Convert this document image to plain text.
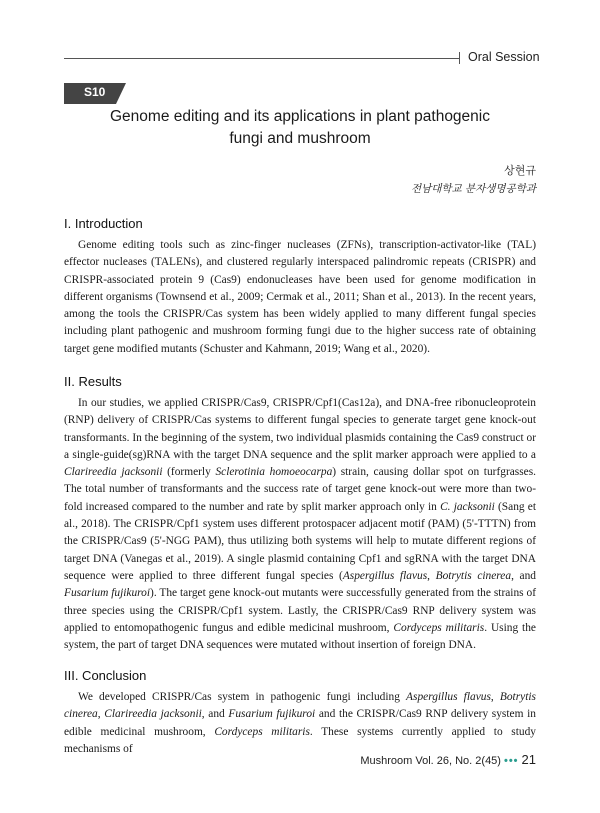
Oral Session
S10
Genome editing and its applications in plant pathogenic
fungi and mushroom
상현규
전남대학교 분자생명공학과
I. Introduction

Genome editing tools such as zinc-finger nucleases (ZFNs), transcription-activator-like (TAL) effector nucleases (TALENs), and clustered regularly interspaced palindromic repeats (CRISPR) and CRISPR-associated protein 9 (Cas9) endonucleases have been used for genome modification in different organisms (Townsend et al., 2009; Cermak et al., 2011; Shan et al., 2013). In the recent years, among the tools the CRISPR/Cas system has been widely applied to many different fungal species including plant pathogenic and mushroom forming fungi due to the higher success rate of obtaining target gene modified mutants (Schuster and Kahmann, 2019; Wang et al., 2020).

II. Results

In our studies, we applied CRISPR/Cas9, CRISPR/Cpf1(Cas12a), and DNA-free ribonucleoprotein (RNP) delivery of CRISPR/Cas systems to different fungal species to generate target gene knock-out transformants. In the beginning of the system, two individual plasmids containing the Cas9 construct or a single-guide(sg)RNA with the target DNA sequence and the split marker approach were applied to a Clarireedia jacksonii (formerly Sclerotinia homoeocarpa) strain, causing dollar spot on turfgrasses. The total number of transformants and the success rate of target gene knock-out were more than two-fold increased compared to the number and rate by split marker approach only in C. jacksonii (Sang et al., 2018). The CRISPR/Cpf1 system uses different protospacer adjacent motif (PAM) (5'-TTTN) from the CRISPR/Cas9 (5'-NGG PAM), thus utilizing both systems will help to mutate different regions of target DNA (Vanegas et al., 2019). A single plasmid containing Cpf1 and sgRNA with the target DNA sequence were applied to three different fungal species (Aspergillus flavus, Botrytis cinerea, and Fusarium fujikuroi). The target gene knock-out mutants were successfully generated from the strains of three species using the CRISPR/Cpf1 system. Lastly, the CRISPR/Cas9 RNP delivery system was applied to entomopathogenic fungus and edible medicinal mushroom, Cordyceps militaris. Using the system, the part of target DNA sequences were mutated without insertion of foreign DNA.

III. Conclusion

We developed CRISPR/Cas system in pathogenic fungi including Aspergillus flavus, Botrytis cinerea, Clarireedia jacksonii, and Fusarium fujikuroi and the CRISPR/Cas9 RNP delivery system in edible medicinal mushroom, Cordyceps militaris. These systems currently applied to study mechanisms of

Mushroom Vol. 26, No. 2(45) ••• 21
